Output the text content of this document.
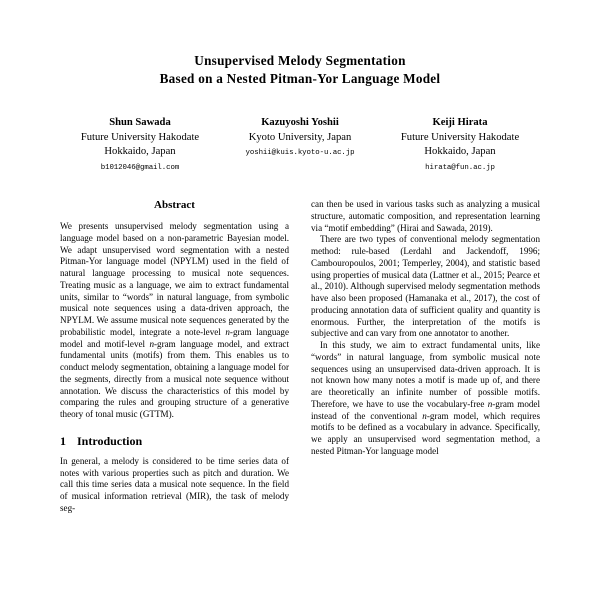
Unsupervised Melody Segmentation
Based on a Nested Pitman-Yor Language Model
Shun Sawada
Future University Hakodate
Hokkaido, Japan
b1012046@gmail.com
Kazuyoshi Yoshii
Kyoto University, Japan
yoshii@kuis.kyoto-u.ac.jp
Keiji Hirata
Future University Hakodate
Hokkaido, Japan
hirata@fun.ac.jp
Abstract

We presents unsupervised melody segmentation using a language model based on a non-parametric Bayesian model. We adapt unsupervised word segmentation with a nested Pitman-Yor language model (NPYLM) used in the field of natural language processing to musical note sequences. Treating music as a language, we aim to extract fundamental units, similar to “words” in natural language, from symbolic musical note sequences using a data-driven approach, the NPYLM. We assume musical note sequences generated by the probabilistic model, integrate a note-level n-gram language model and motif-level n-gram language model, and extract fundamental units (motifs) from them. This enables us to conduct melody segmentation, obtaining a language model for the segments, directly from a musical note sequence without annotation. We discuss the characteristics of this model by comparing the rules and grouping structure of a generative theory of tonal music (GTTM).

1 Introduction

In general, a melody is considered to be time series data of notes with various properties such as pitch and duration. We call this time series data a musical note sequence. In the field of musical information retrieval (MIR), the task of melody seg-

can then be used in various tasks such as analyzing a musical structure, automatic composition, and representation learning via “motif embedding” (Hirai and Sawada, 2019).

There are two types of conventional melody segmentation method: rule-based (Lerdahl and Jackendoff, 1996; Cambouropoulos, 2001; Temperley, 2004), and statistic based using properties of musical data (Lattner et al., 2015; Pearce et al., 2010). Although supervised melody segmentation methods have also been proposed (Hamanaka et al., 2017), the cost of producing annotation data of sufficient quality and quantity is enormous. Further, the interpretation of the motifs is subjective and can vary from one annotator to another.

In this study, we aim to extract fundamental units, like “words” in natural language, from symbolic musical note sequences using an unsupervised data-driven approach. It is not known how many notes a motif is made up of, and there are theoretically an infinite number of possible motifs. Therefore, we have to use the vocabulary-free n-gram model instead of the conventional n-gram model, which requires motifs to be defined as a vocabulary in advance. Specifically, we apply an unsupervised word segmentation method, a nested Pitman-Yor language model
